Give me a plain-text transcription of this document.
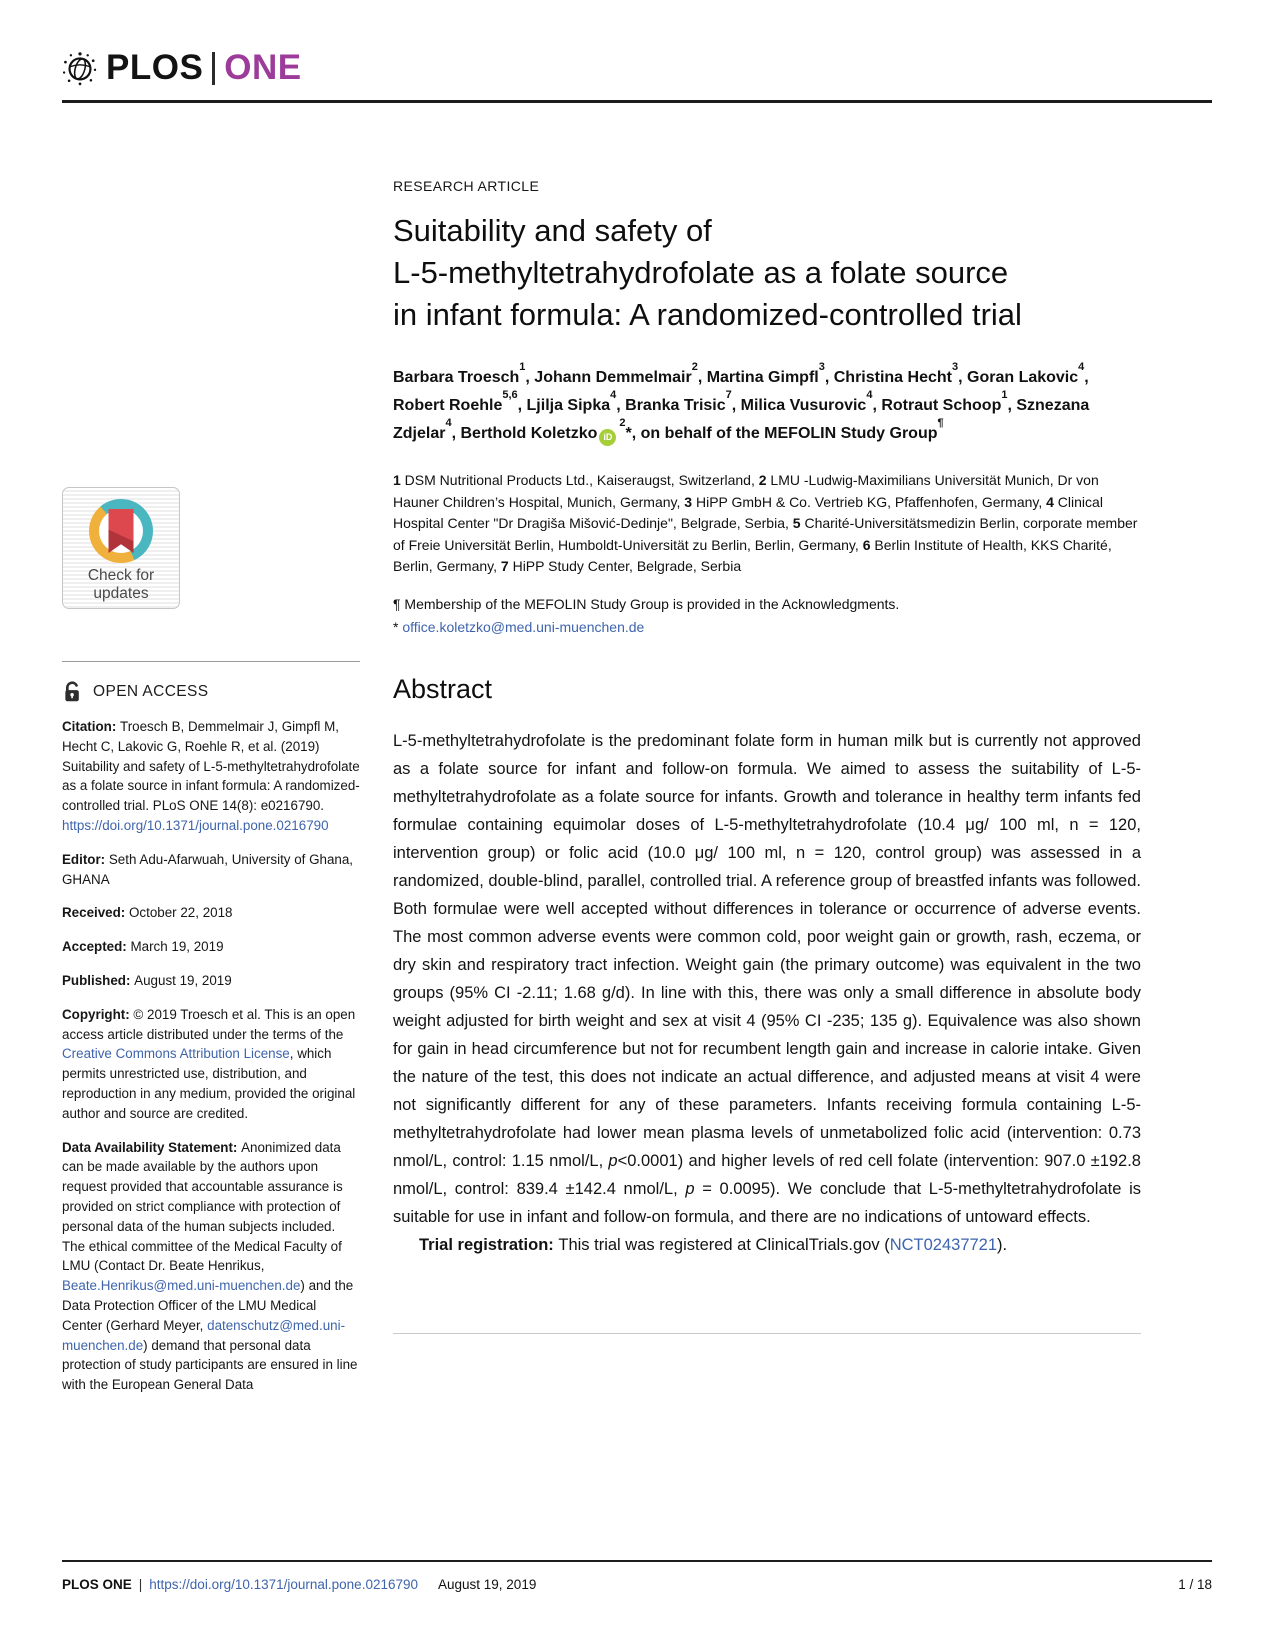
PLOS ONE
Check for updates
OPEN ACCESS

Citation: Troesch B, Demmelmair J, Gimpfl M, Hecht C, Lakovic G, Roehle R, et al. (2019) Suitability and safety of L-5-methyltetrahydrofolate as a folate source in infant formula: A randomized-controlled trial. PLoS ONE 14(8): e0216790. https://doi.org/10.1371/journal.pone.0216790

Editor: Seth Adu-Afarwuah, University of Ghana, GHANA

Received: October 22, 2018

Accepted: March 19, 2019

Published: August 19, 2019

Copyright: © 2019 Troesch et al. This is an open access article distributed under the terms of the Creative Commons Attribution License, which permits unrestricted use, distribution, and reproduction in any medium, provided the original author and source are credited.

Data Availability Statement: Anonimized data can be made available by the authors upon request provided that accountable assurance is provided on strict compliance with protection of personal data of the human subjects included. The ethical committee of the Medical Faculty of LMU (Contact Dr. Beate Henrikus, Beate.Henrikus@med.uni-muenchen.de) and the Data Protection Officer of the LMU Medical Center (Gerhard Meyer, datenschutz@med.uni-muenchen.de) demand that personal data protection of study participants are ensured in line with the European General Data

RESEARCH ARTICLE
Suitability and safety of
L-5-methyltetrahydrofolate as a folate source
in infant formula: A randomized-controlled trial

Barbara Troesch$^1$, Johann Demmelmair$^2$, Martina Gimpfl$^3$, Christina Hecht$^3$, Goran Lakovic$^4$, Robert Roehle$^{5,6}$, Ljilja Sipka$^4$, Branka Trisic$^7$, Milica Vusurovic$^4$, Rotraut Schoop$^1$, Sznezana Zdjelar$^4$, Berthold Koletzko $iD^2*$, on behalf of the MEFOLIN Study Group¶

1 DSM Nutritional Products Ltd., Kaiseraugst, Switzerland, 2 LMU -Ludwig-Maximilians Universität Munich, Dr von Hauner Children’s Hospital, Munich, Germany, 3 HiPP GmbH & Co. Vertrieb KG, Pfaffenhofen, Germany, 4 Clinical Hospital Center "Dr Dragiša Mišović-Dedinje", Belgrade, Serbia, 5 Charité-Universitätsmedizin Berlin, corporate member of Freie Universität Berlin, Humboldt-Universität zu Berlin, Berlin, Germany, 6 Berlin Institute of Health, KKS Charité, Berlin, Germany, 7 HiPP Study Center, Belgrade, Serbia

¶ Membership of the MEFOLIN Study Group is provided in the Acknowledgments.

* office.koletzko@med.uni-muenchen.de

Abstract

L-5-methyltetrahydrofolate is the predominant folate form in human milk but is currently not approved as a folate source for infant and follow-on formula. We aimed to assess the suitability of L-5-methyltetrahydrofolate as a folate source for infants. Growth and tolerance in healthy term infants fed formulae containing equimolar doses of L-5-methyltetrahydrofolate (10.4 μg/ 100 ml, n = 120, intervention group) or folic acid (10.0 μg/ 100 ml, n = 120, control group) was assessed in a randomized, double-blind, parallel, controlled trial. A reference group of breastfed infants was followed. Both formulae were well accepted without differences in tolerance or occurrence of adverse events. The most common adverse events were common cold, poor weight gain or growth, rash, eczema, or dry skin and respiratory tract infection. Weight gain (the primary outcome) was equivalent in the two groups (95% CI -2.11; 1.68 g/d). In line with this, there was only a small difference in absolute body weight adjusted for birth weight and sex at visit 4 (95% CI -235; 135 g). Equivalence was also shown for gain in head circumference but not for recumbent length gain and increase in calorie intake. Given the nature of the test, this does not indicate an actual difference, and adjusted means at visit 4 were not significantly different for any of these parameters. Infants receiving formula containing L-5-methyltetrahydrofolate had lower mean plasma levels of unmetabolized folic acid (intervention: 0.73 nmol/L, control: 1.15 nmol/L, p<0.0001) and higher levels of red cell folate (intervention: 907.0 ±192.8 nmol/L, control: 839.4 ±142.4 nmol/L, p = 0.0095). We conclude that L-5-methyltetrahydrofolate is suitable for use in infant and follow-on formula, and there are no indications of untoward effects.

Trial registration: This trial was registered at ClinicalTrials.gov (NCT02437721).

PLOS ONE | https://doi.org/10.1371/journal.pone.0216790 August 19, 2019	1 / 18
